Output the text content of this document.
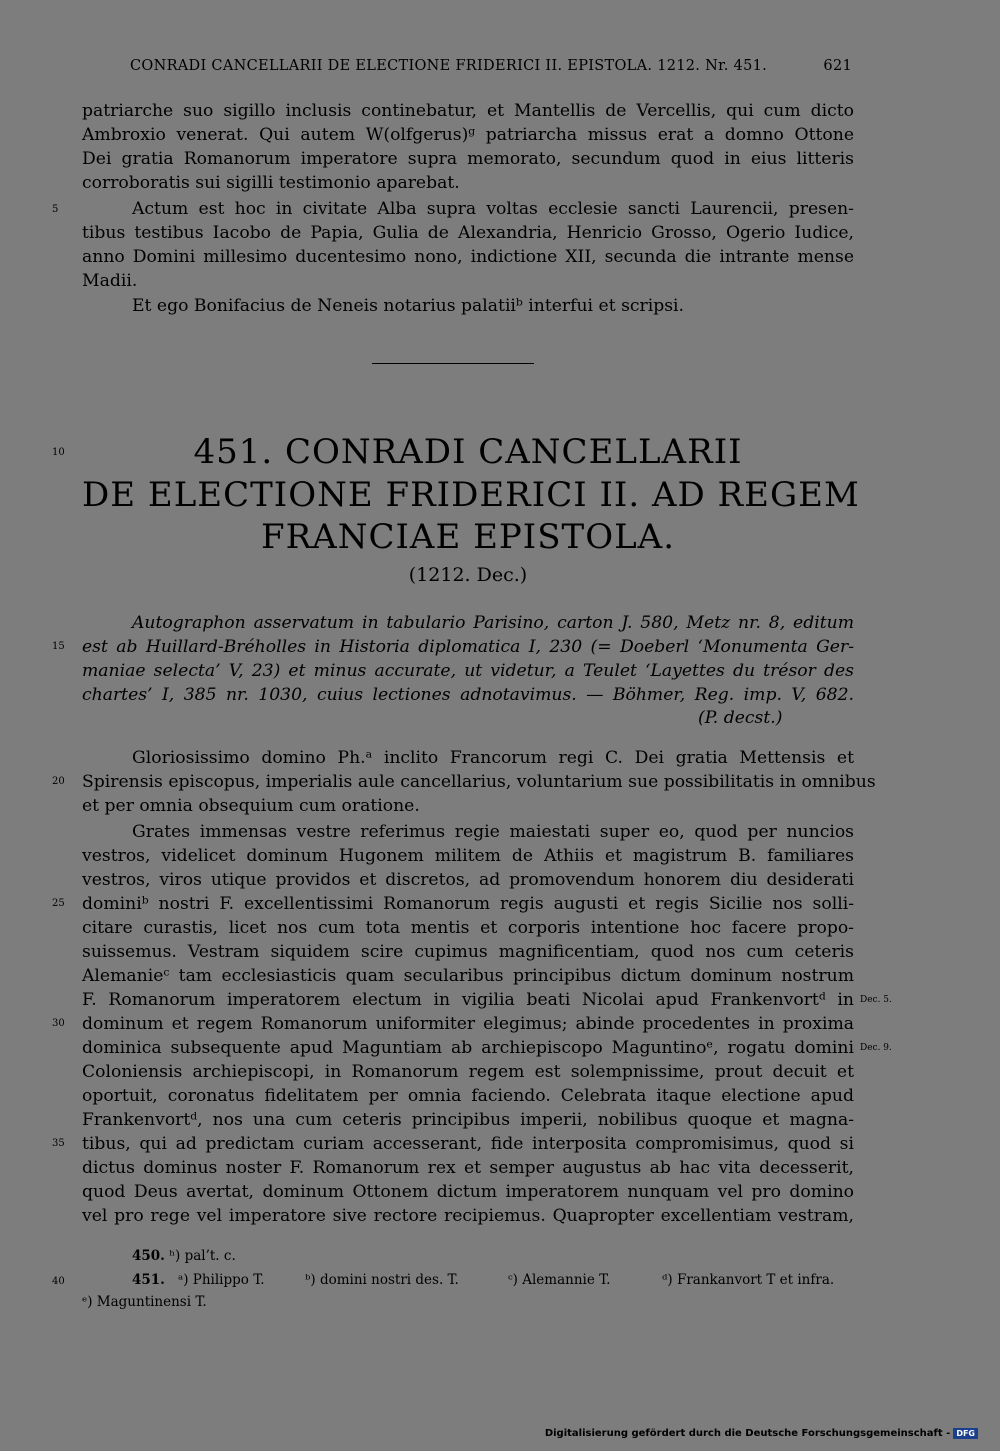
CONRADI CANCELLARII DE ELECTIONE FRIDERICI II. EPISTOLA. 1212. Nr. 451.	621
patriarche suo sigillo inclusis continebatur, et Mantellis de Vercellis, qui cum dicto
Ambroxio venerat. Qui autem W(olfgerus)ᵍ patriarcha missus erat a domno Ottone
Dei gratia Romanorum imperatore supra memorato, secundum quod in eius litteris
corroboratis sui sigilli testimonio aparebat.
Actum est hoc in civitate Alba supra voltas ecclesie sancti Laurencii, presen-
tibus testibus Iacobo de Papia, Gulia de Alexandria, Henricio Grosso, Ogerio Iudice,
anno Domini millesimo ducentesimo nono, indictione XII, secunda die intrante mense
Madii.
Et ego Bonifacius de Neneis notarius palatiiᵇ interfui et scripsi.
451. CONRADI CANCELLARII
DE ELECTIONE FRIDERICI II. AD REGEM
FRANCIAE EPISTOLA.
(1212. Dec.)
Autographon asservatum in tabulario Parisino, carton J. 580, Metz nr. 8, editum
est ab Huillard-Bréholles in Historia diplomatica I, 230 (= Doeberl ‘Monumenta Ger-
maniae selecta’ V, 23) et minus accurate, ut videtur, a Teulet ‘Layettes du trésor des
chartes’ I, 385 nr. 1030, cuius lectiones adnotavimus. — Böhmer, Reg. imp. V, 682.
(P. decst.)
Gloriosissimo domino Ph.ᵃ inclito Francorum regi C. Dei gratia Mettensis et
Spirensis episcopus, imperialis aule cancellarius, voluntarium sue possibilitatis in omnibus
et per omnia obsequium cum oratione.
Grates immensas vestre referimus regie maiestati super eo, quod per nuncios
vestros, videlicet dominum Hugonem militem de Athiis et magistrum B. familiares
vestros, viros utique providos et discretos, ad promovendum honorem diu desiderati
dominiᵇ nostri F. excellentissimi Romanorum regis augusti et regis Sicilie nos solli-
citare curastis, licet nos cum tota mentis et corporis intentione hoc facere propo-
suissemus. Vestram siquidem scire cupimus magnificentiam, quod nos cum ceteris
Alemanieᶜ tam ecclesiasticis quam secularibus principibus dictum dominum nostrum
F. Romanorum imperatorem electum in vigilia beati Nicolai apud Frankenvortᵈ in
dominum et regem Romanorum uniformiter elegimus; abinde procedentes in proxima
dominica subsequente apud Maguntiam ab archiepiscopo Maguntinoᵉ, rogatu domini
Coloniensis archiepiscopi, in Romanorum regem est solempnissime, prout decuit et
oportuit, coronatus fidelitatem per omnia faciendo. Celebrata itaque electione apud
Frankenvortᵈ, nos una cum ceteris principibus imperii, nobilibus quoque et magna-
tibus, qui ad predictam curiam accesserant, fide interposita compromisimus, quod si
dictus dominus noster F. Romanorum rex et semper augustus ab hac vita decesserit,
quod Deus avertat, dominum Ottonem dictum imperatorem nunquam vel pro domino
vel pro rege vel imperatore sive rectore recipiemus. Quapropter excellentiam vestram,
Dec. 5.
Dec. 9.
5
10
15
20
25
30
35
40
450. ʰ) pal’t. c.
451. ᵃ) Philippo T.	ᵇ) domini nostri des. T.	ᶜ) Alemannie T.	ᵈ) Frankanvort T et infra.
ᵉ) Maguntinensi T.
Digitalisierung gefördert durch die Deutsche Forschungsgemeinschaft - DFG
